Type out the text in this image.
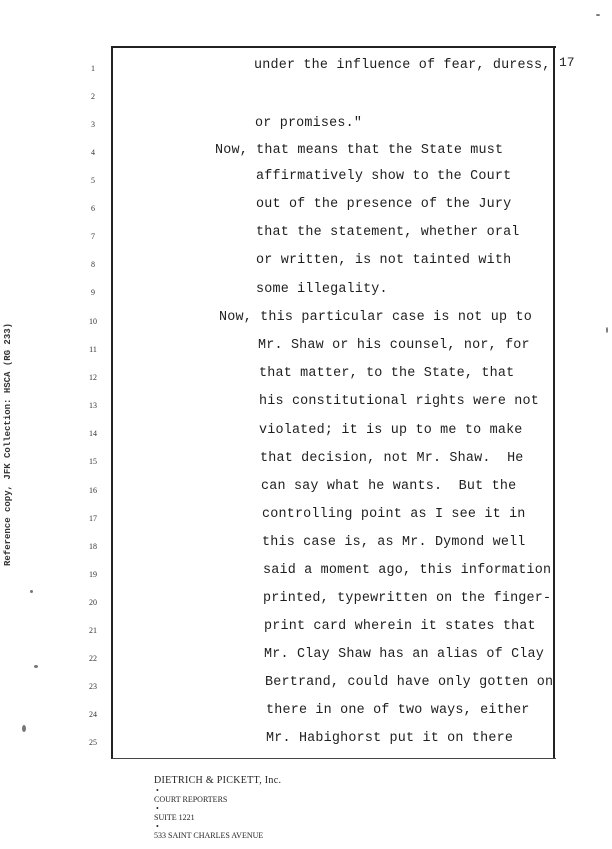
17
Reference copy, JFK Collection: HSCA (RG 233)
1
2
3
4
5
6
7
8
9
10
11
12
13
14
15
16
17
18
19
20
21
22
23
24
25
under the influence of fear, duress,
or promises."
Now, that means that the State must
affirmatively show to the Court
out of the presence of the Jury
that the statement, whether oral
or written, is not tainted with
some illegality.
Now, this particular case is not up to
Mr. Shaw or his counsel, nor, for
that matter, to the State, that
his constitutional rights were not
violated; it is up to me to make
that decision, not Mr. Shaw.  He
can say what he wants.  But the
controlling point as I see it in
this case is, as Mr. Dymond well
said a moment ago, this information
printed, typewritten on the finger-
print card wherein it states that
Mr. Clay Shaw has an alias of Clay
Bertrand, could have only gotten on
there in one of two ways, either
Mr. Habighorst put it on there

DIETRICH & PICKETT, Inc.
•
COURT REPORTERS
•
SUITE 1221
•
533 SAINT CHARLES AVENUE
